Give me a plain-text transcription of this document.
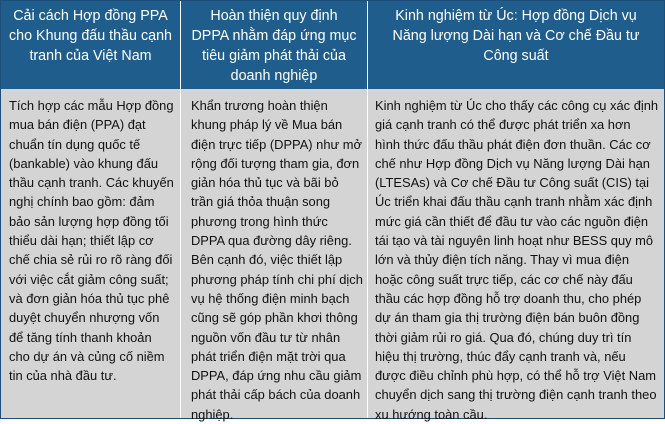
Cải cách Hợp đồng PPA cho Khung đấu thầu cạnh tranh của Việt Nam
Hoàn thiện quy định DPPA nhằm đáp ứng mục tiêu giảm phát thải của doanh nghiệp
Kinh nghiệm từ Úc: Hợp đồng Dịch vụ Năng lượng Dài hạn và Cơ chế Đầu tư Công suất
Tích hợp các mẫu Hợp đồng mua bán điện (PPA) đạt chuẩn tín dụng quốc tế (bankable) vào khung đấu thầu cạnh tranh. Các khuyến nghị chính bao gồm: đảm bảo sản lượng hợp đồng tối thiểu dài hạn; thiết lập cơ chế chia sẻ rủi ro rõ ràng đối với việc cắt giảm công suất; và đơn giản hóa thủ tục phê duyệt chuyển nhượng vốn để tăng tính thanh khoản cho dự án và củng cố niềm tin của nhà đầu tư.
Khẩn trương hoàn thiện khung pháp lý về Mua bán điện trực tiếp (DPPA) như mở rộng đối tượng tham gia, đơn giản hóa thủ tục và bãi bỏ trần giá thỏa thuận song phương trong hình thức DPPA qua đường dây riêng. Bên cạnh đó, việc thiết lập phương pháp tính chi phí dịch vụ hệ thống điện minh bạch cũng sẽ góp phần khơi thông nguồn vốn đầu tư từ nhân phát triển điện mặt trời qua DPPA, đáp ứng nhu cầu giảm phát thải cấp bách của doanh nghiệp.
Kinh nghiệm từ Úc cho thấy các công cụ xác định giá cạnh tranh có thể được phát triển xa hơn hình thức đấu thầu phát điện đơn thuần. Các cơ chế như Hợp đồng Dịch vụ Năng lượng Dài hạn (LTESAs) và Cơ chế Đầu tư Công suất (CIS) tại Úc triển khai đấu thầu cạnh tranh nhằm xác định mức giá cần thiết để đầu tư vào các nguồn điện tái tạo và tài nguyên linh hoạt như BESS quy mô lớn và thủy điện tích năng. Thay vì mua điện hoặc công suất trực tiếp, các cơ chế này đấu thầu các hợp đồng hỗ trợ doanh thu, cho phép dự án tham gia thị trường điện bán buôn đồng thời giảm rủi ro giá. Qua đó, chúng duy trì tín hiệu thị trường, thúc đẩy cạnh tranh và, nếu được điều chỉnh phù hợp, có thể hỗ trợ Việt Nam chuyển dịch sang thị trường điện cạnh tranh theo xu hướng toàn cầu.
